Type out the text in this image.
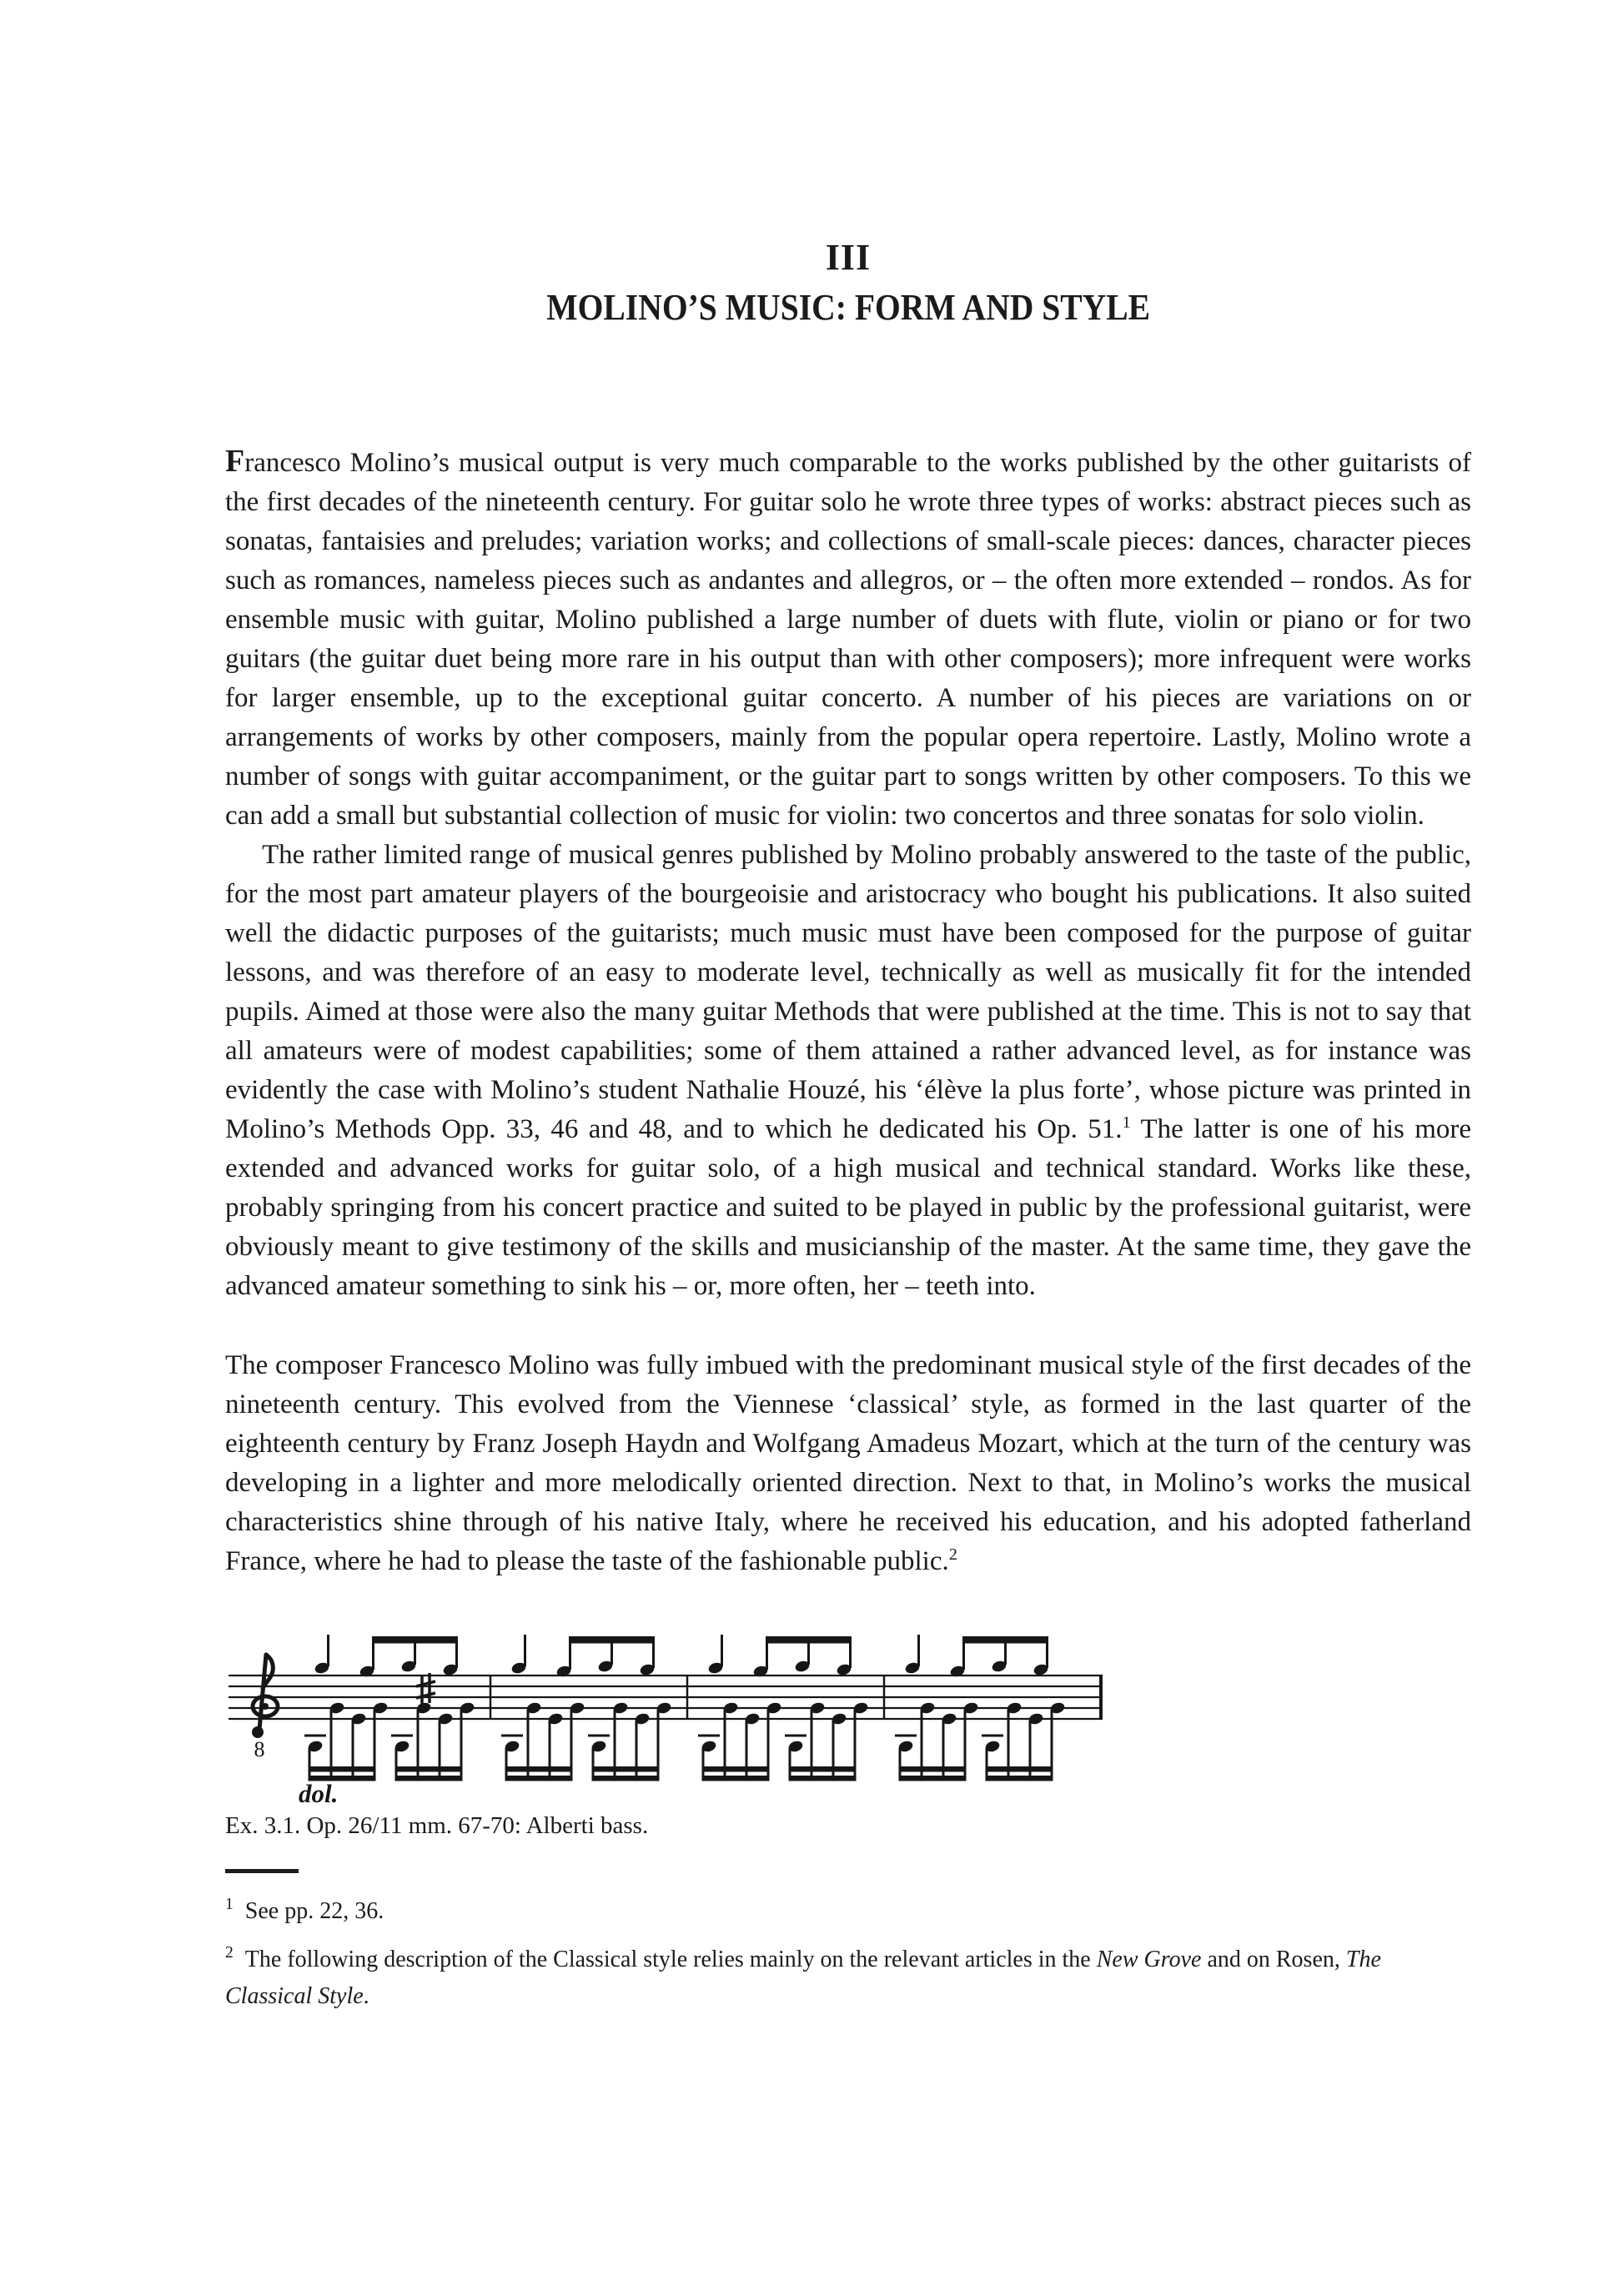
III
MOLINO’S MUSIC: FORM AND STYLE

Francesco Molino’s musical output is very much comparable to the works published by the other guitarists of the first decades of the nineteenth century. For guitar solo he wrote three types of works: abstract pieces such as sonatas, fantaisies and preludes; variation works; and collections of small-scale pieces: dances, character pieces such as romances, nameless pieces such as andantes and allegros, or – the often more extended – rondos. As for ensemble music with guitar, Molino published a large number of duets with flute, violin or piano or for two guitars (the guitar duet being more rare in his output than with other composers); more infrequent were works for larger ensemble, up to the exceptional guitar concerto. A number of his pieces are variations on or arrangements of works by other composers, mainly from the popular opera repertoire. Lastly, Molino wrote a number of songs with guitar accompaniment, or the guitar part to songs written by other composers. To this we can add a small but substantial collection of music for violin: two concertos and three sonatas for solo violin.

The rather limited range of musical genres published by Molino probably answered to the taste of the public, for the most part amateur players of the bourgeoisie and aristocracy who bought his publications. It also suited well the didactic purposes of the guitarists; much music must have been composed for the purpose of guitar lessons, and was therefore of an easy to moderate level, technically as well as musically fit for the intended pupils. Aimed at those were also the many guitar Methods that were published at the time. This is not to say that all amateurs were of modest capabilities; some of them attained a rather advanced level, as for instance was evidently the case with Molino’s student Nathalie Houzé, his ‘élève la plus forte’, whose picture was printed in Molino’s Methods Opp. 33, 46 and 48, and to which he dedicated his Op. 51.$^1$ The latter is one of his more extended and advanced works for guitar solo, of a high musical and technical standard. Works like these, probably springing from his concert practice and suited to be played in public by the professional guitarist, were obviously meant to give testimony of the skills and musicianship of the master. At the same time, they gave the advanced amateur something to sink his – or, more often, her – teeth into.

The composer Francesco Molino was fully imbued with the predominant musical style of the first decades of the nineteenth century. This evolved from the Viennese ‘classical’ style, as formed in the last quarter of the eighteenth century by Franz Joseph Haydn and Wolfgang Amadeus Mozart, which at the turn of the century was developing in a lighter and more melodically oriented direction. Next to that, in Molino’s works the musical characteristics shine through of his native Italy, where he received his education, and his adopted fatherland France, where he had to please the taste of the fashionable public.$^2$

8
dol.
Ex. 3.1. Op. 26/11 mm. 67-70: Alberti bass.
$^1$ See pp. 22, 36.
$^2$ The following description of the Classical style relies mainly on the relevant articles in the New Grove and on Rosen, The Classical Style.
